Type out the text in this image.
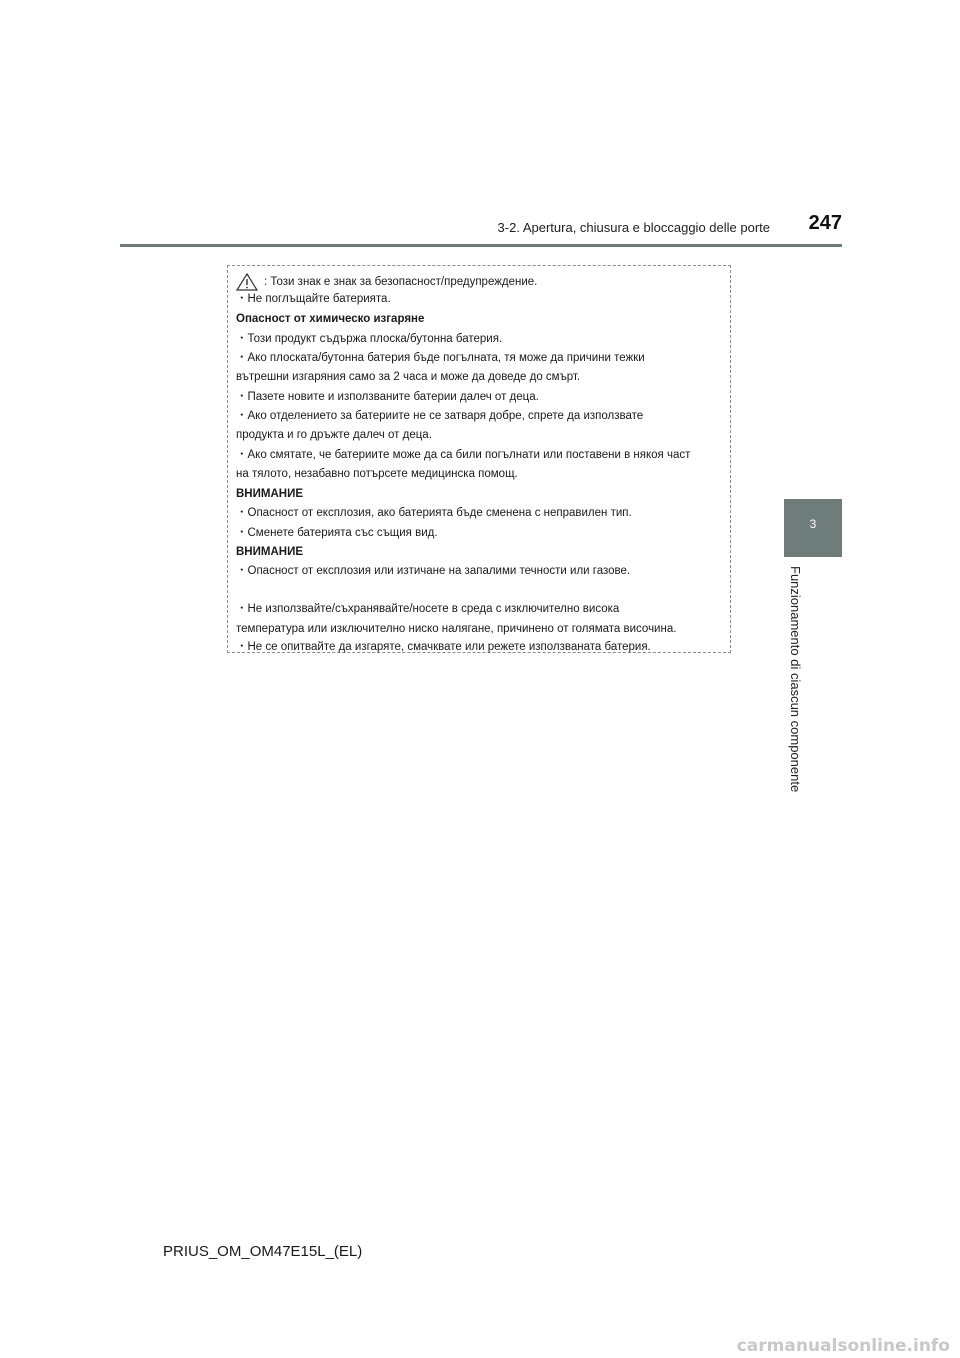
3-2. Apertura, chiusura e bloccaggio delle porte 247
3
Funzionamento di ciascun componente
: Този знак е знак за безопасност/предупреждение.
・Не поглъщайте батерията.
Опасност от химическо изгаряне
・Този продукт съдържа плоска/бутонна батерия.
・Ако плоската/бутонна батерия бъде погълната, тя може да причини тежки
вътрешни изгаряния само за 2 часа и може да доведе до смърт.
・Пазете новите и използваните батерии далеч от деца.
・Ако отделението за батериите не се затваря добре, спрете да използвате
продукта и го дръжте далеч от деца.
・Ако смятате, че батериите може да са били погълнати или поставени в някоя част
на тялото, незабавно потърсете медицинска помощ.
ВНИМАНИЕ
・Опасност от експлозия, ако батерията бъде сменена с неправилен тип.
・Сменете батерията със същия вид.
ВНИМАНИЕ
・Опасност от експлозия или изтичане на запалими течности или газове.
・Не използвайте/съхранявайте/носете в среда с изключително висока
температура или изключително ниско налягане, причинено от голямата височина.
・Не се опитвайте да изгаряте, смачквате или режете използваната батерия.
PRIUS_OM_OM47E15L_(EL)
carmanualsonline.info
